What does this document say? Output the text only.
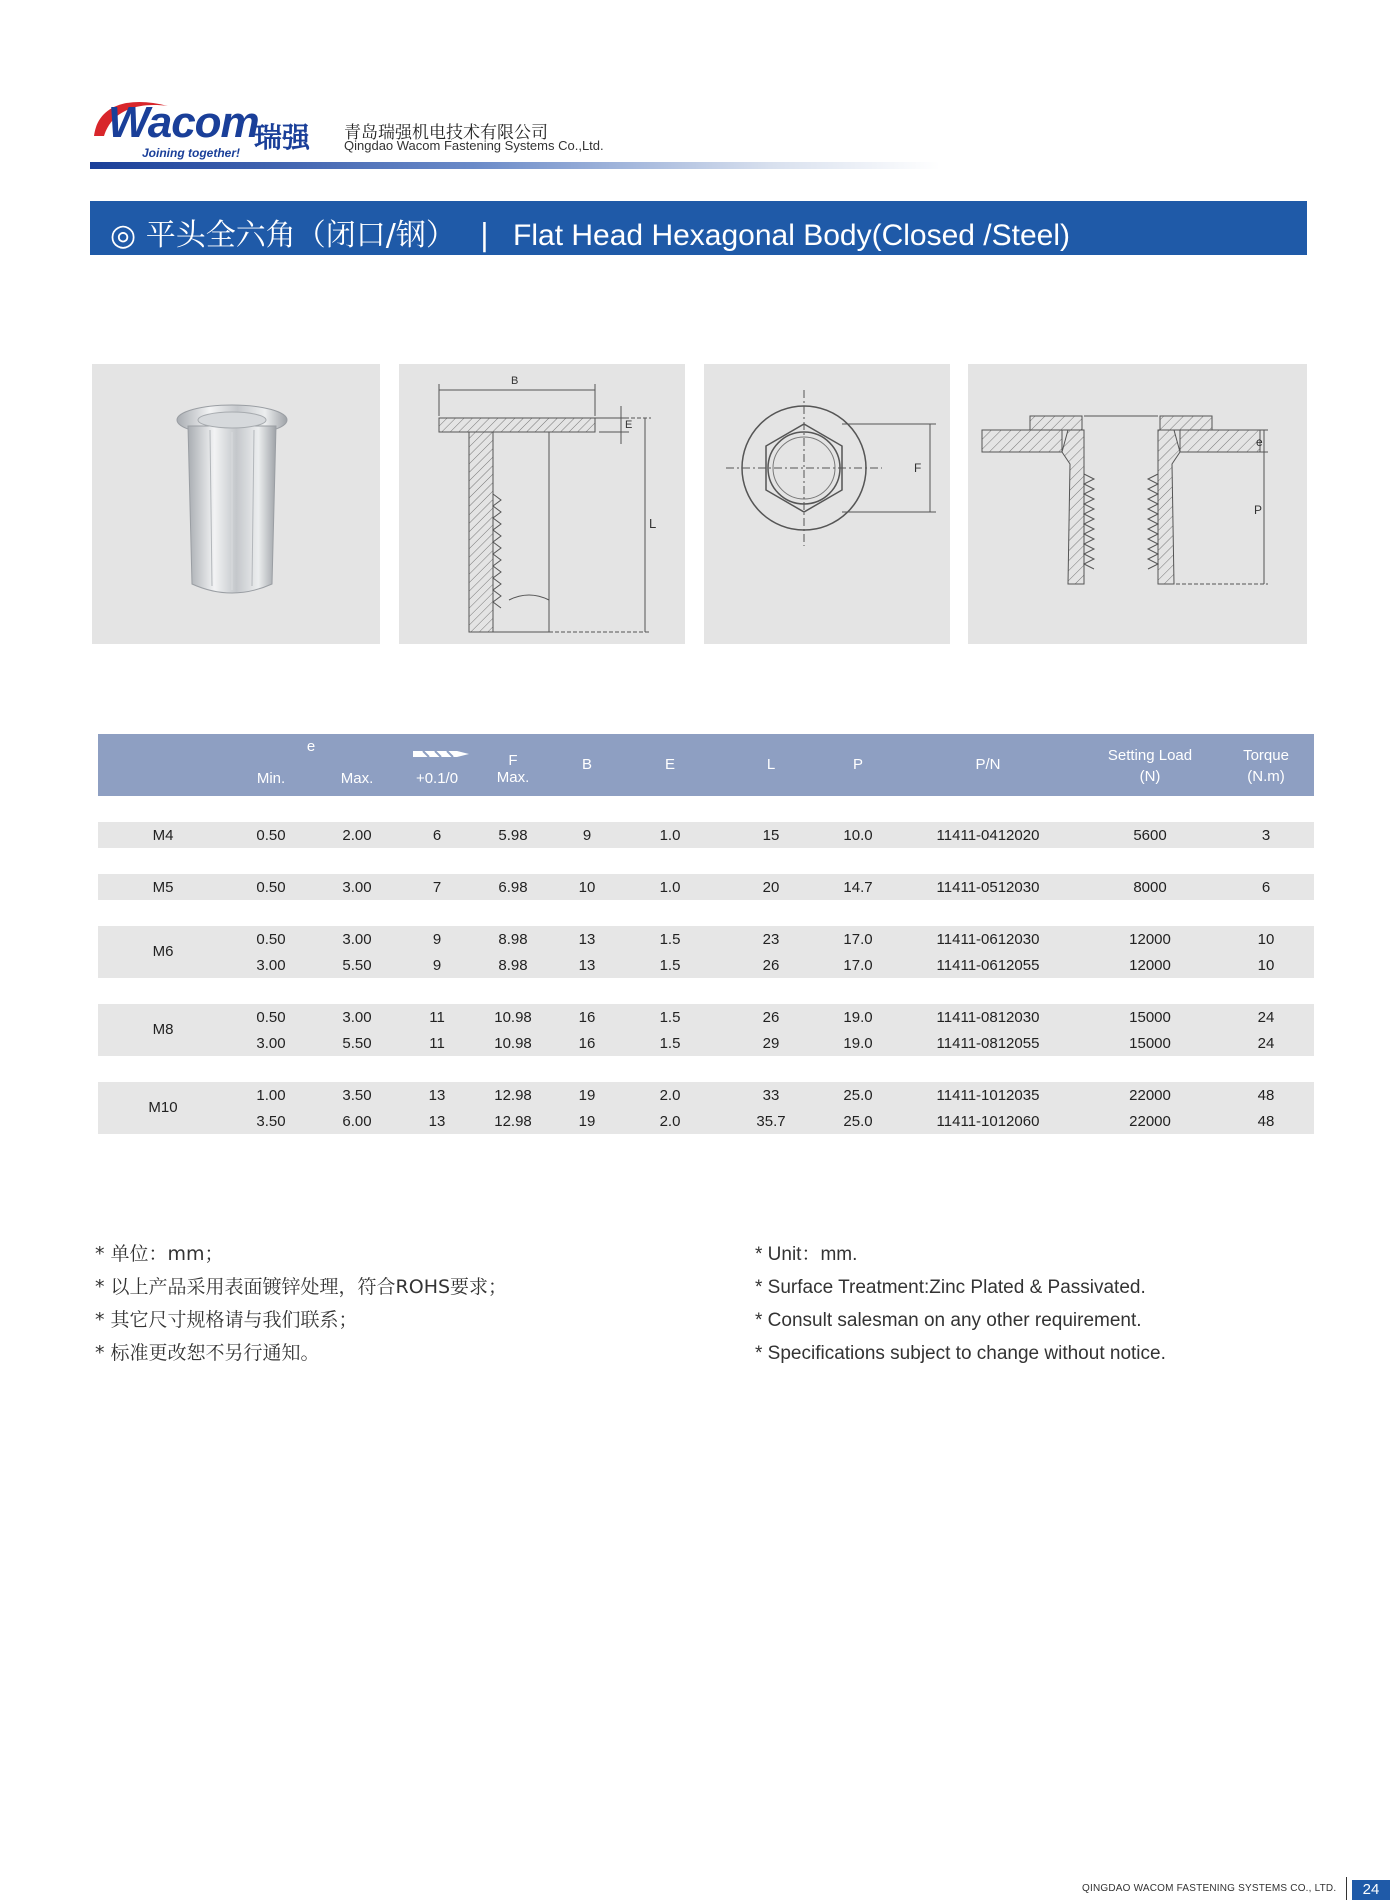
Wacom
瑞强
Joining together!
青岛瑞强机电技术有限公司
Qingdao Wacom Fastening Systems Co.,Ltd.
◎ 平头全六角（闭口/钢） | Flat Head Hexagonal Body(Closed /Steel)
B
E
L
F
e
P
e
Min.	Max.	+0.1/0
F
Max.
B	E	L	P	P/N
Setting Load
(N)
Torque
(N.m)
M4	0.50	2.00	6	5.98	9	1.0	15	10.0	11411-0412020	5600	3
M5	0.50	3.00	7	6.98	10	1.0	20	14.7	11411-0512030	8000	6
M6
0.50	3.00	9	8.98	13	1.5	23	17.0	11411-0612030	12000	10
3.00	5.50	9	8.98	13	1.5	26	17.0	11411-0612055	12000	10
M8
0.50	3.00	11	10.98	16	1.5	26	19.0	11411-0812030	15000	24
3.00	5.50	11	10.98	16	1.5	29	19.0	11411-0812055	15000	24
M10
1.00	3.50	13	12.98	19	2.0	33	25.0	11411-1012035	22000	48
3.50	6.00	13	12.98	19	2.0	35.7	25.0	11411-1012060	22000	48
* 单位：mm；
* 以上产品采用表面镀锌处理，符合ROHS要求；
* 其它尺寸规格请与我们联系；
* 标准更改恕不另行通知。
* Unit：mm.
* Surface Treatment:Zinc Plated & Passivated.
* Consult salesman on any other requirement.
* Specifications subject to change without notice.
QINGDAO WACOM FASTENING SYSTEMS CO., LTD.	24
